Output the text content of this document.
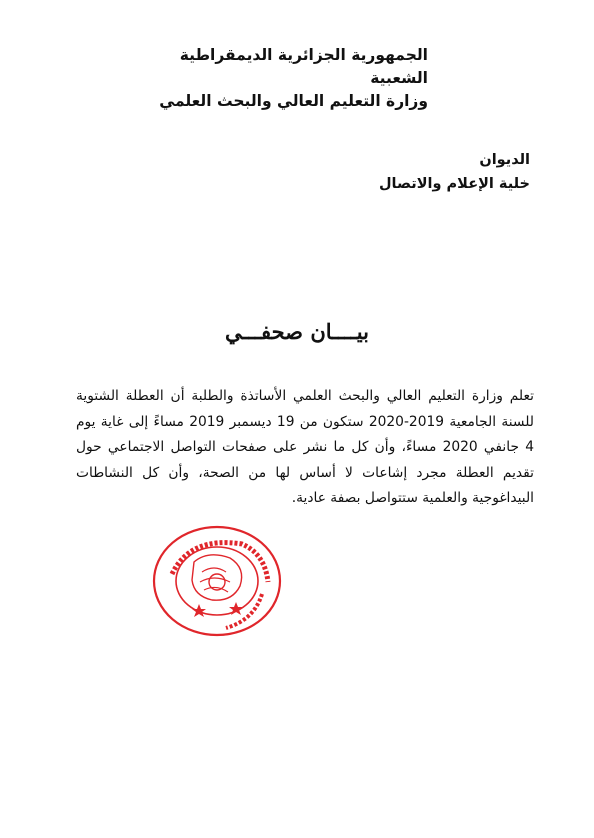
الجمهورية الجزائرية الديمقراطية الشعبية
وزارة التعليم العالي والبحث العلمي
الديوان
خلية الإعلام والاتصال
بيــــان صحفـــي
تعلم وزارة التعليم العالي والبحث العلمي الأساتذة والطلبة أن العطلة الشتوية للسنة الجامعية 2019-2020 ستكون من 19 ديسمبر 2019 مساءً إلى غاية يوم 4 جانفي 2020 مساءً، وأن كل ما نشر على صفحات التواصل الاجتماعي حول تقديم العطلة مجرد إشاعات لا أساس لها من الصحة، وأن كل النشاطات البيداغوجية والعلمية ستتواصل بصفة عادية.
